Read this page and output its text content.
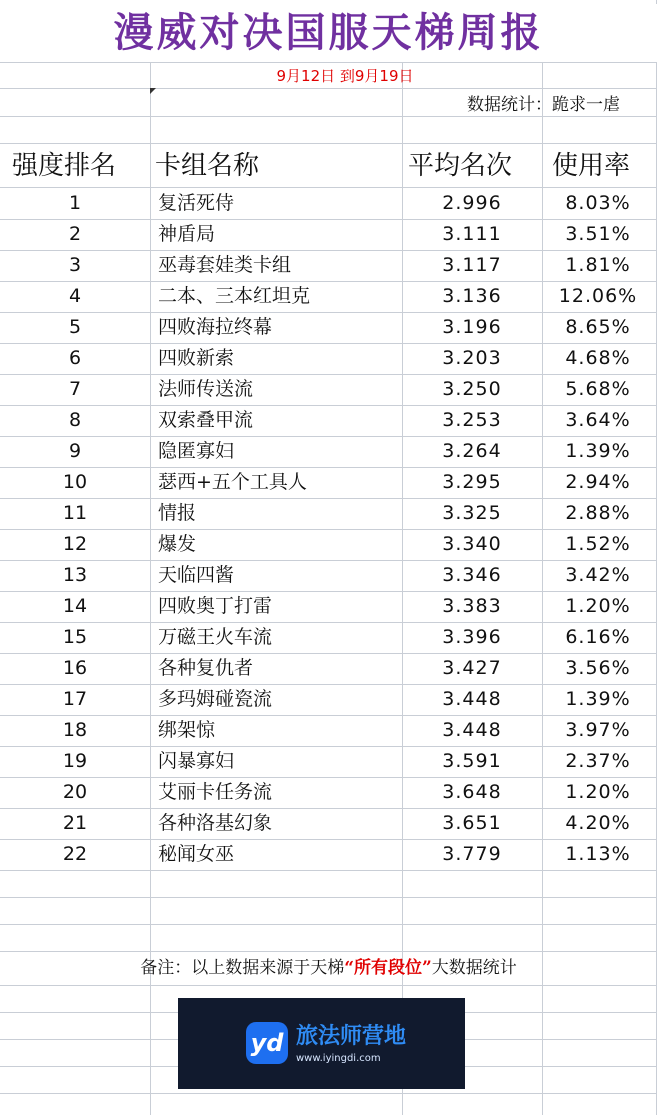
漫威对决国服天梯周报
9月12日 到9月19日
数据统计：跪求一虐
强度排名	卡组名称	平均名次	使用率
1	复活死侍	2.996	8.03%
2	神盾局	3.111	3.51%
3	巫毒套娃类卡组	3.117	1.81%
4	二本、三本红坦克	3.136	12.06%
5	四败海拉终幕	3.196	8.65%
6	四败新索	3.203	4.68%
7	法师传送流	3.250	5.68%
8	双索叠甲流	3.253	3.64%
9	隐匿寡妇	3.264	1.39%
10	瑟西+五个工具人	3.295	2.94%
11	情报	3.325	2.88%
12	爆发	3.340	1.52%
13	天临四酱	3.346	3.42%
14	四败奥丁打雷	3.383	1.20%
15	万磁王火车流	3.396	6.16%
16	各种复仇者	3.427	3.56%
17	多玛姆碰瓷流	3.448	1.39%
18	绑架惊	3.448	3.97%
19	闪暴寡妇	3.591	2.37%
20	艾丽卡任务流	3.648	1.20%
21	各种洛基幻象	3.651	4.20%
22	秘闻女巫	3.779	1.13%
备注：以上数据来源于天梯“所有段位”大数据统计
yd 旅法师营地
www.iyingdi.com
